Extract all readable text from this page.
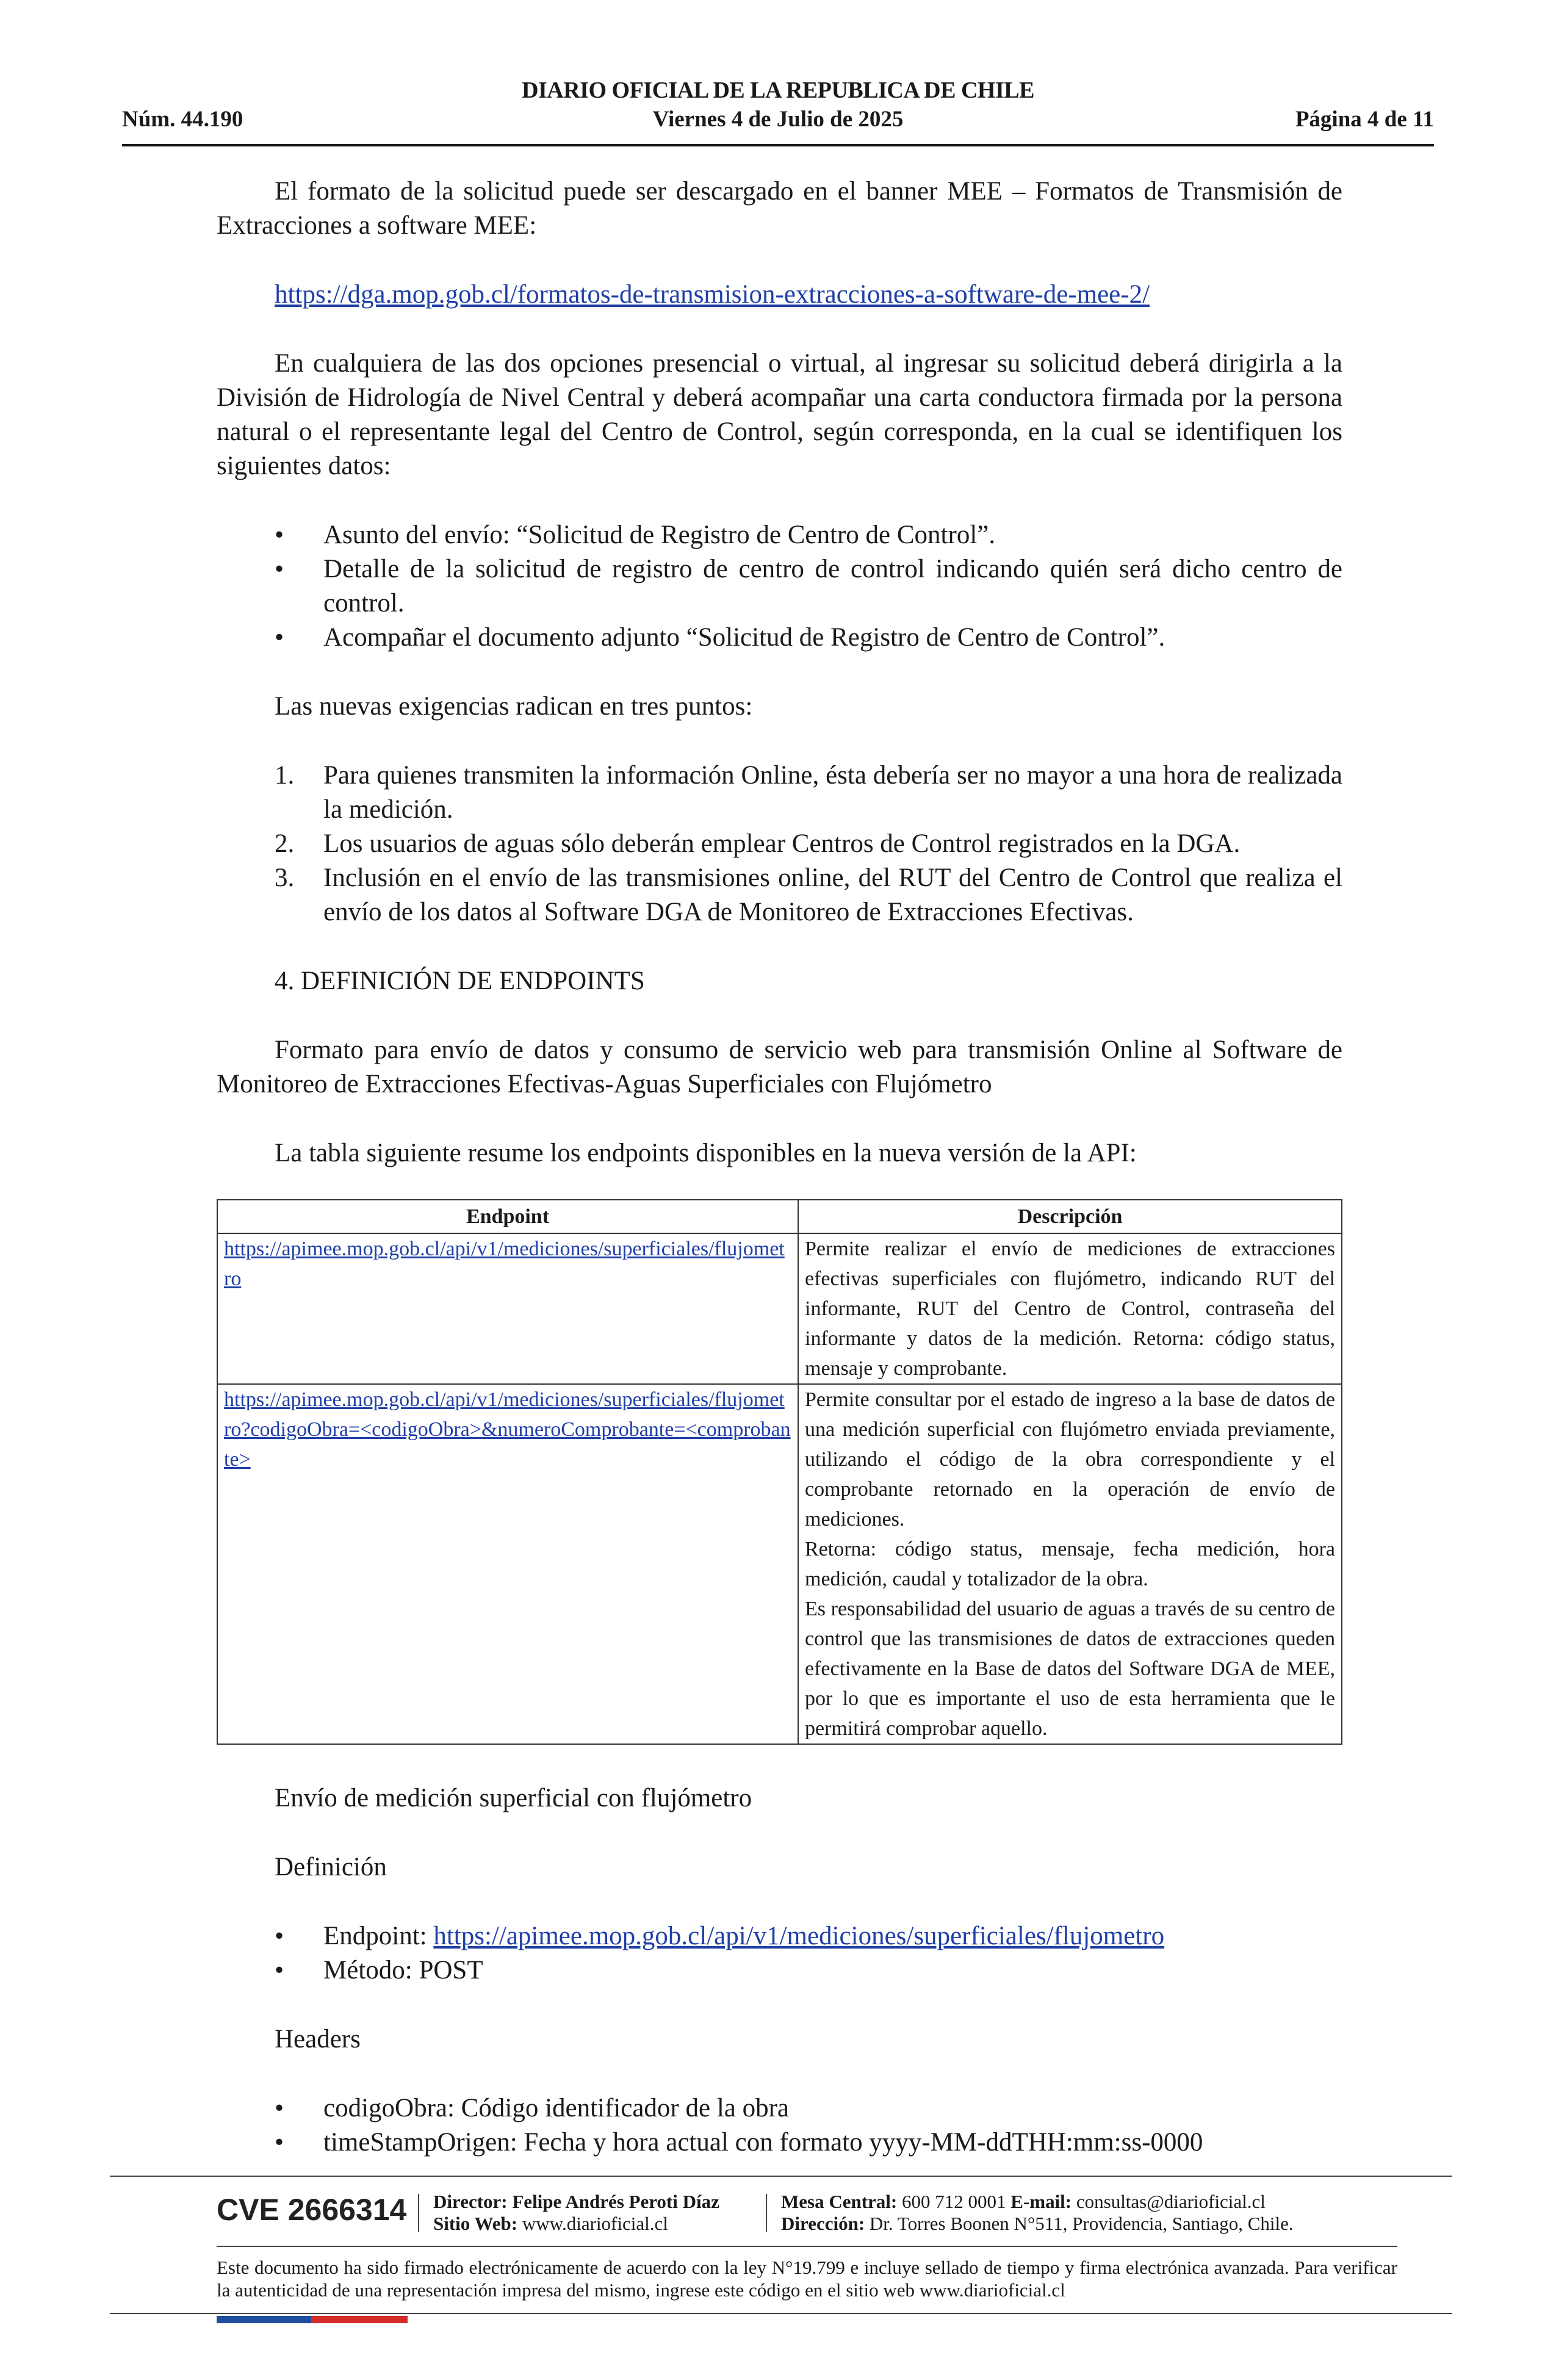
DIARIO OFICIAL DE LA REPUBLICA DE CHILE
Núm. 44.190	Viernes 4 de Julio de 2025	Página 4 de 11

El formato de la solicitud puede ser descargado en el banner MEE – Formatos de Transmisión de Extracciones a software MEE:

https://dga.mop.gob.cl/formatos-de-transmision-extracciones-a-software-de-mee-2/

En cualquiera de las dos opciones presencial o virtual, al ingresar su solicitud deberá dirigirla a la División de Hidrología de Nivel Central y deberá acompañar una carta conductora firmada por la persona natural o el representante legal del Centro de Control, según corresponda, en la cual se identifiquen los siguientes datos:

• Asunto del envío: “Solicitud de Registro de Centro de Control”.
• Detalle de la solicitud de registro de centro de control indicando quién será dicho centro de control.
• Acompañar el documento adjunto “Solicitud de Registro de Centro de Control”.

Las nuevas exigencias radican en tres puntos:

1. Para quienes transmiten la información Online, ésta debería ser no mayor a una hora de realizada la medición.
2. Los usuarios de aguas sólo deberán emplear Centros de Control registrados en la DGA.
3. Inclusión en el envío de las transmisiones online, del RUT del Centro de Control que realiza el envío de los datos al Software DGA de Monitoreo de Extracciones Efectivas.
4. DEFINICIÓN DE ENDPOINTS

Formato para envío de datos y consumo de servicio web para transmisión Online al Software de Monitoreo de Extracciones Efectivas-Aguas Superficiales con Flujómetro

La tabla siguiente resume los endpoints disponibles en la nueva versión de la API:

Endpoint	Descripción
https://apimee.mop.gob.cl/api/v1/mediciones/superficiales/flujometro	Permite realizar el envío de mediciones de extracciones efectivas superficiales con flujómetro, indicando RUT del informante, RUT del Centro de Control, contraseña del informante y datos de la medición. Retorna: código status, mensaje y comprobante.

https://apimee.mop.gob.cl/api/v1/mediciones/superficiales/flujometro?codigoObra=<codigoObra>&numeroComprobante=<comprobante>	Permite consultar por el estado de ingreso a la base de datos de una medición superficial con flujómetro enviada previamente, utilizando el código de la obra correspondiente y el comprobante retornado en la operación de envío de mediciones.
Retorna: código status, mensaje, fecha medición, hora medición, caudal y totalizador de la obra.
Es responsabilidad del usuario de aguas a través de su centro de control que las transmisiones de datos de extracciones queden efectivamente en la Base de datos del Software DGA de MEE, por lo que es importante el uso de esta herramienta que le permitirá comprobar aquello.

Envío de medición superficial con flujómetro

Definición

• Endpoint: https://apimee.mop.gob.cl/api/v1/mediciones/superficiales/flujometro
• Método: POST

Headers

• codigoObra: Código identificador de la obra
• timeStampOrigen: Fecha y hora actual con formato yyyy-MM-ddTHH:mm:ss-0000
CVE 2666314 Director: Felipe Andrés Peroti Díaz
Sitio Web: www.diarioficial.cl
Mesa Central: 600 712 0001 E-mail: consultas@diarioficial.cl
Dirección: Dr. Torres Boonen N°511, Providencia, Santiago, Chile.
Este documento ha sido firmado electrónicamente de acuerdo con la ley N°19.799 e incluye sellado de tiempo y firma electrónica avanzada. Para verificar la autenticidad de una representación impresa del mismo, ingrese este código en el sitio web www.diarioficial.cl
